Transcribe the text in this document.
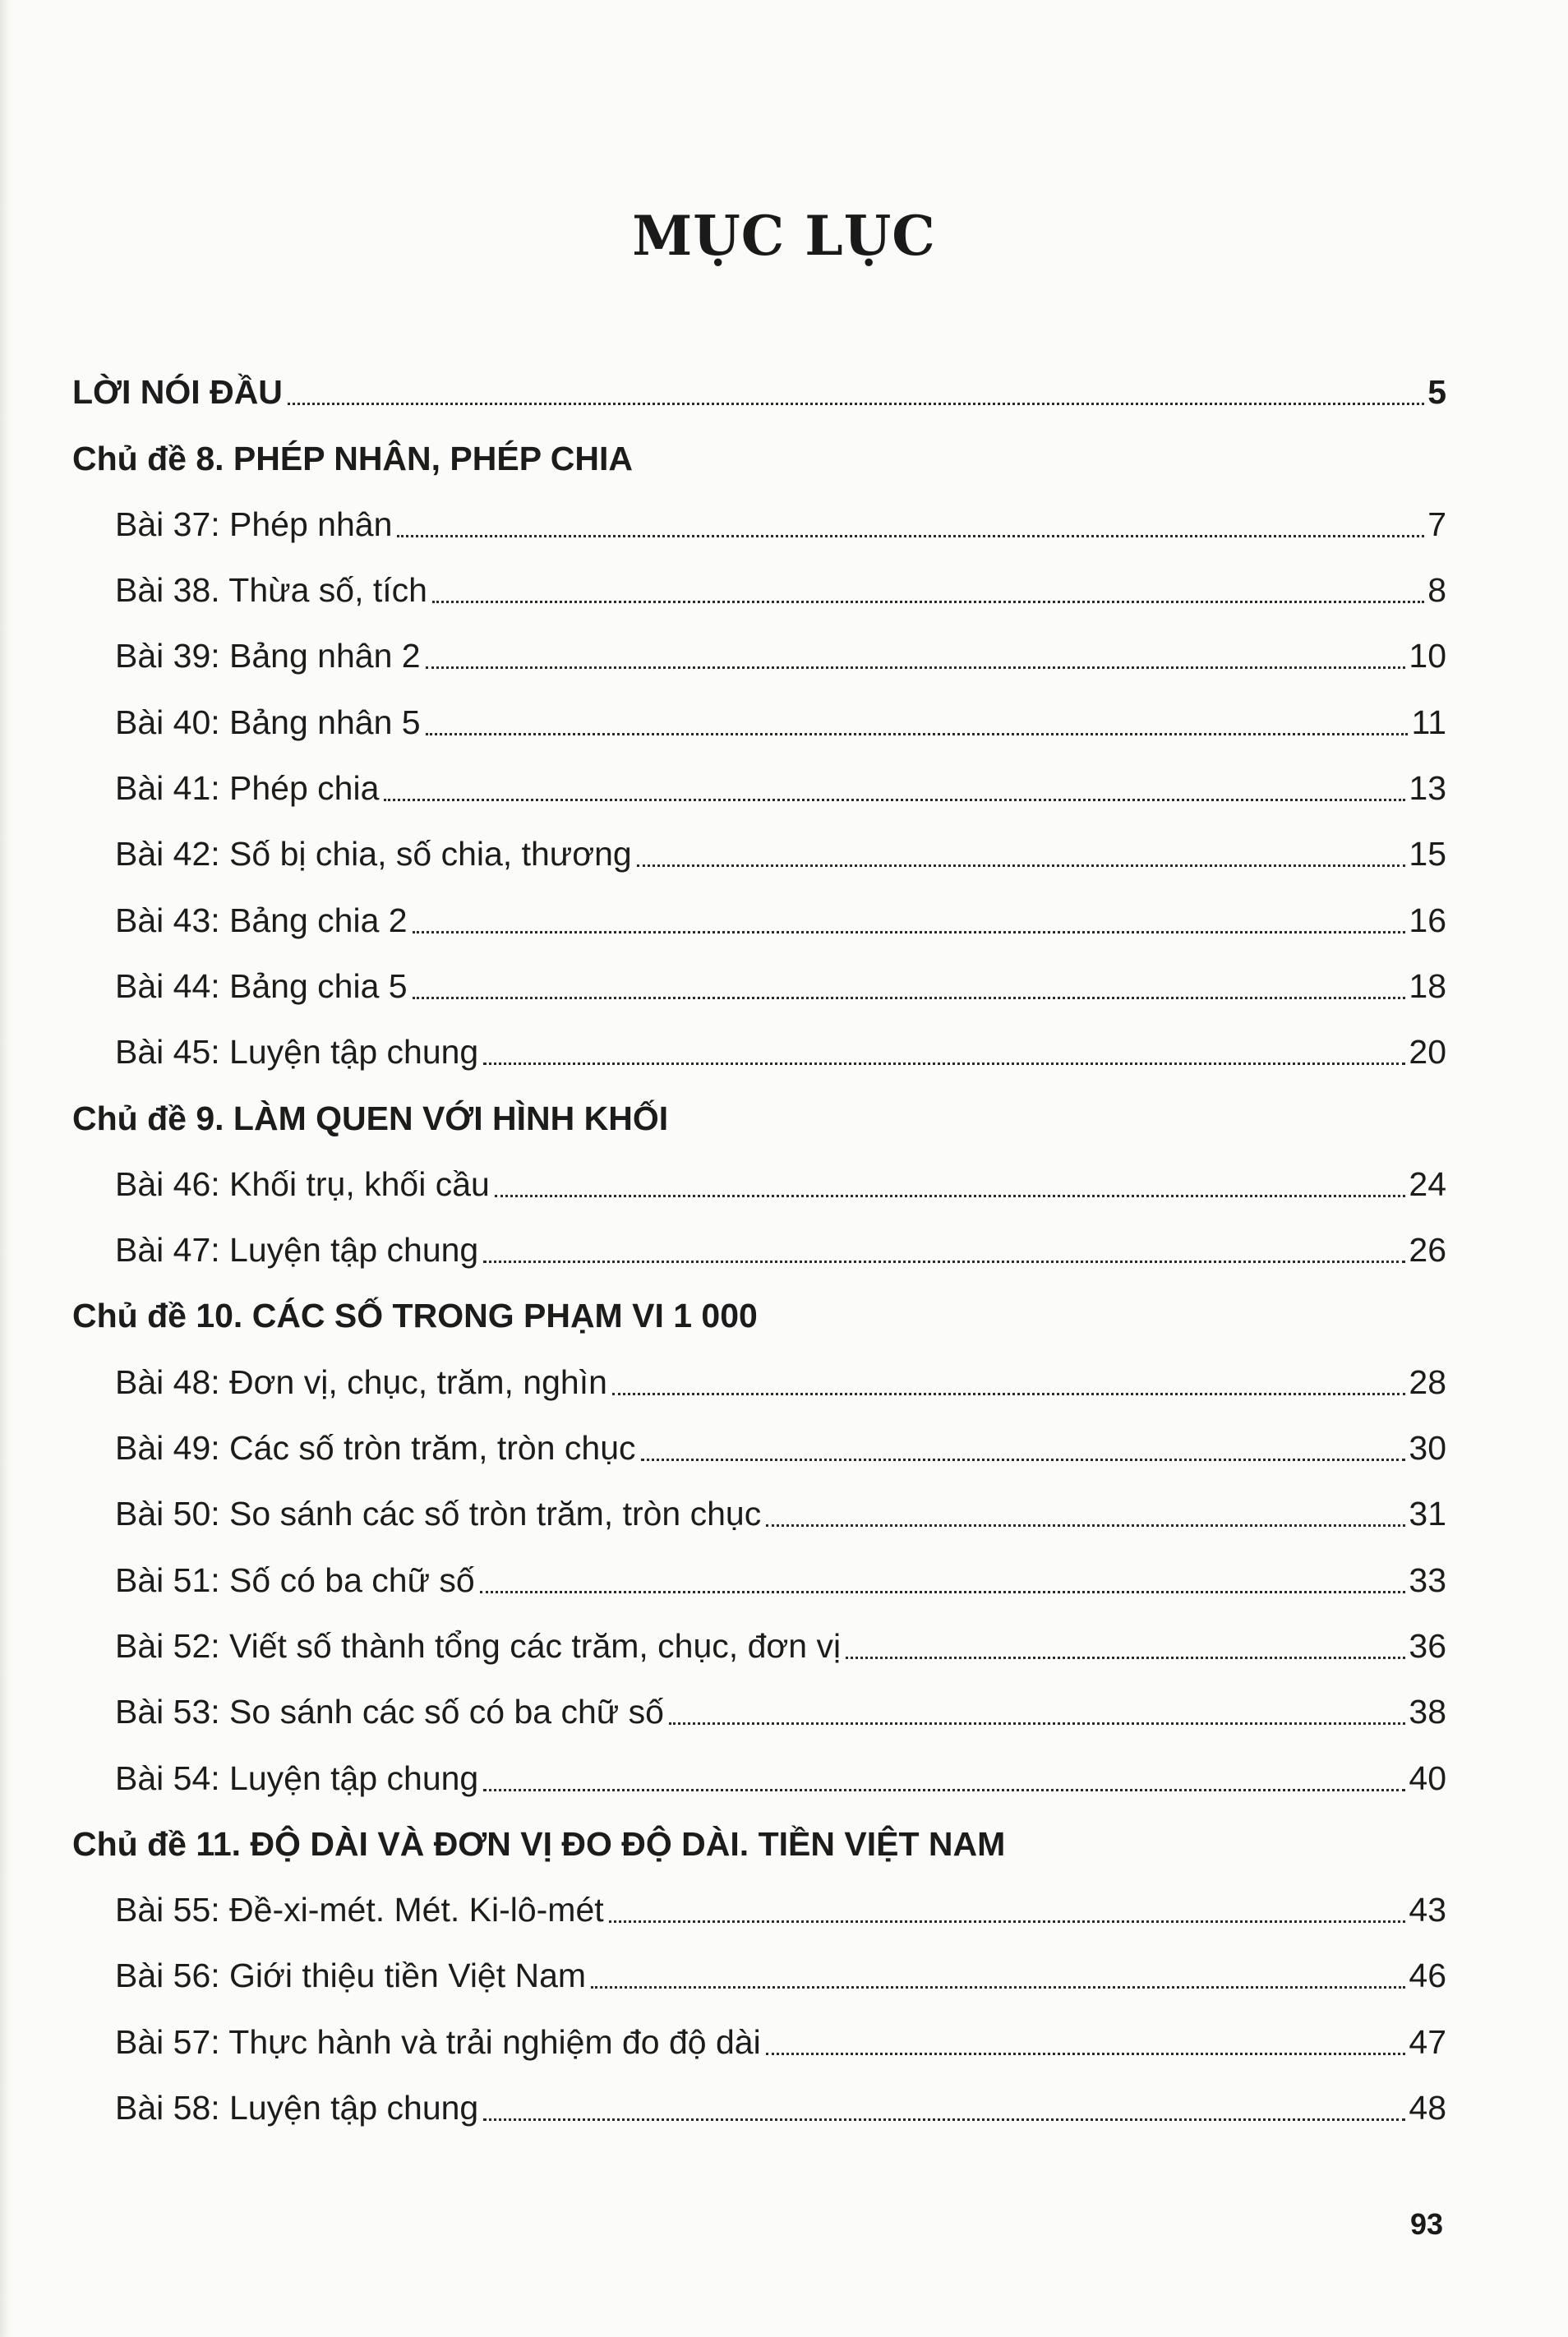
MỤC LỤC
LỜI NÓI ĐẦU	5
Chủ đề 8. PHÉP NHÂN, PHÉP CHIA
Bài 37: Phép nhân	7
Bài 38. Thừa số, tích	8
Bài 39: Bảng nhân 2	10
Bài 40: Bảng nhân 5	11
Bài 41: Phép chia	13
Bài 42: Số bị chia, số chia, thương	15
Bài 43: Bảng chia 2	16
Bài 44: Bảng chia 5	18
Bài 45: Luyện tập chung	20
Chủ đề 9. LÀM QUEN VỚI HÌNH KHỐI
Bài 46: Khối trụ, khối cầu	24
Bài 47: Luyện tập chung	26
Chủ đề 10. CÁC SỐ TRONG PHẠM VI 1 000
Bài 48: Đơn vị, chục, trăm, nghìn	28
Bài 49: Các số tròn trăm, tròn chục	30
Bài 50: So sánh các số tròn trăm, tròn chục	31
Bài 51: Số có ba chữ số	33
Bài 52: Viết số thành tổng các trăm, chục, đơn vị	36
Bài 53: So sánh các số có ba chữ số	38
Bài 54: Luyện tập chung	40
Chủ đề 11. ĐỘ DÀI VÀ ĐƠN VỊ ĐO ĐỘ DÀI. TIỀN VIỆT NAM
Bài 55: Đề-xi-mét. Mét. Ki-lô-mét	43
Bài 56: Giới thiệu tiền Việt Nam	46
Bài 57: Thực hành và trải nghiệm đo độ dài	47
Bài 58: Luyện tập chung	48
93
